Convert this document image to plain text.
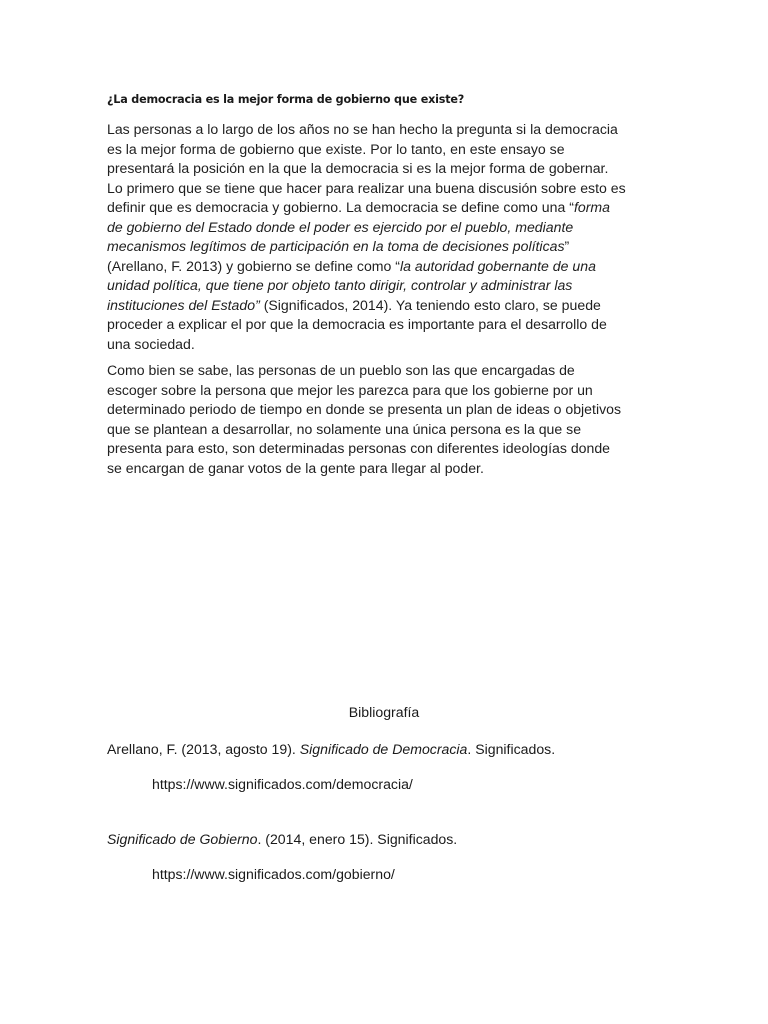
¿La democracia es la mejor forma de gobierno que existe?

Las personas a lo largo de los años no se han hecho la pregunta si la democracia
es la mejor forma de gobierno que existe. Por lo tanto, en este ensayo se
presentará la posición en la que la democracia si es la mejor forma de gobernar.
Lo primero que se tiene que hacer para realizar una buena discusión sobre esto es
definir que es democracia y gobierno. La democracia se define como una “forma
de gobierno del Estado donde el poder es ejercido por el pueblo, mediante
mecanismos legítimos de participación en la toma de decisiones políticas”
(Arellano, F. 2013) y gobierno se define como “la autoridad gobernante de una
unidad política, que tiene por objeto tanto dirigir, controlar y administrar las
instituciones del Estado” (Significados, 2014). Ya teniendo esto claro, se puede
proceder a explicar el por que la democracia es importante para el desarrollo de
una sociedad.

Como bien se sabe, las personas de un pueblo son las que encargadas de
escoger sobre la persona que mejor les parezca para que los gobierne por un
determinado periodo de tiempo en donde se presenta un plan de ideas o objetivos
que se plantean a desarrollar, no solamente una única persona es la que se
presenta para esto, son determinadas personas con diferentes ideologías donde
se encargan de ganar votos de la gente para llegar al poder.

Bibliografía

Arellano, F. (2013, agosto 19). Significado de Democracia. Significados.

https://www.significados.com/democracia/

Significado de Gobierno. (2014, enero 15). Significados.

https://www.significados.com/gobierno/
